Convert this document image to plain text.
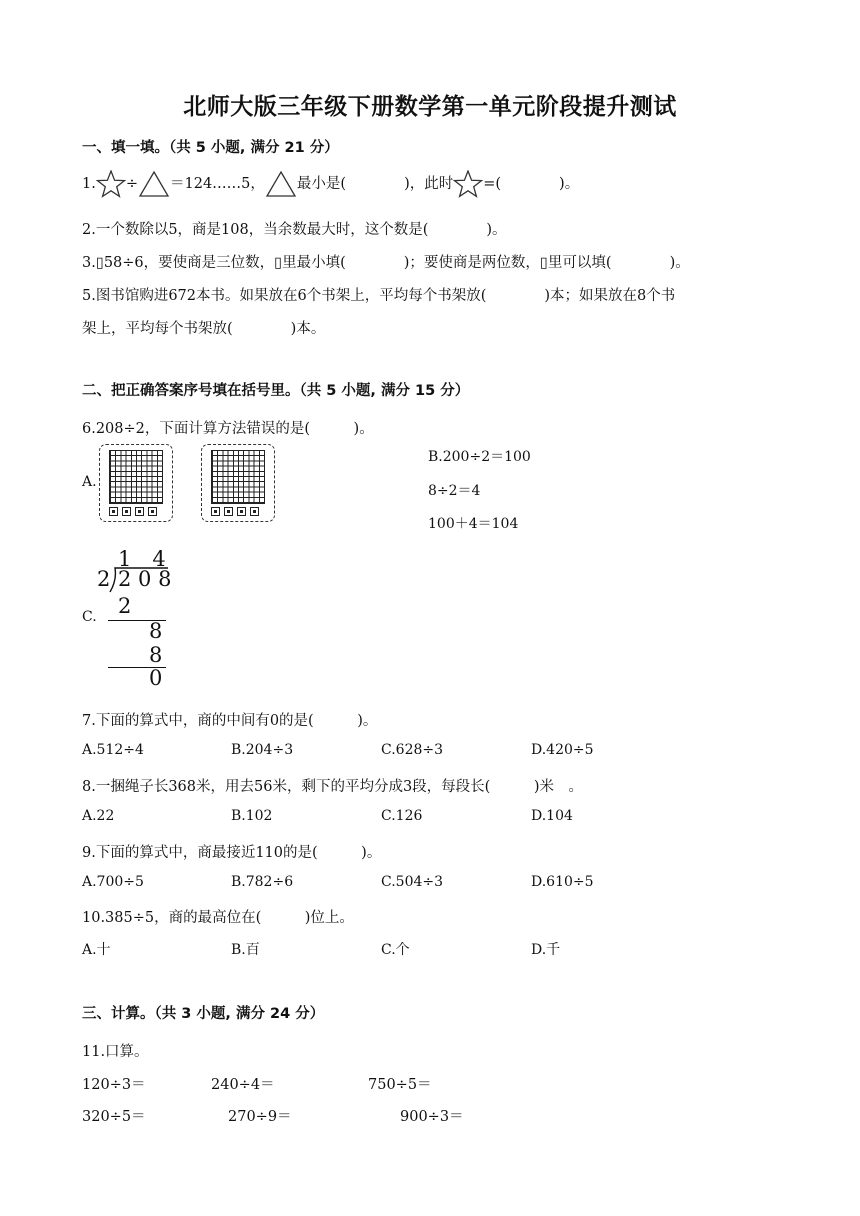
北师大版三年级下册数学第一单元阶段提升测试
一、填一填。（共 5 小题, 满分 21 分）
1. ÷ ＝124……5， 最小是(　　　　)，此时 =(　　　　)。
2.一个数除以5，商是108，当余数最大时，这个数是(　　　　)。
3.▯58÷6，要使商是三位数，▯里最小填(　　　　)；要使商是两位数，▯里可以填(　　　　)。
5.图书馆购进672本书。如果放在6个书架上，平均每个书架放(　　　　)本；如果放在8个书
架上，平均每个书架放(　　　　)本。
二、把正确答案序号填在括号里。（共 5 小题, 满分 15 分）
6.208÷2，下面计算方法错误的是(　　　)。
A.
B.200÷2＝100
8÷2＝4
100＋4＝104
C.
1　4
2 2 0 8
2
8
8
0
7.下面的算式中，商的中间有0的是(　　　)。
A.512÷4	B.204÷3	C.628÷3	D.420÷5
8.一捆绳子长368米，用去56米，剩下的平均分成3段，每段长(　　　)米　。
A.22	B.102	C.126	D.104
9.下面的算式中，商最接近110的是(　　　)。
A.700÷5	B.782÷6	C.504÷3	D.610÷5
10.385÷5，商的最高位在(　　　)位上。
A.十	B.百	C.个	D.千
三、计算。（共 3 小题, 满分 24 分）
11.口算。
120÷3＝	240÷4＝	750÷5＝
320÷5＝	270÷9＝	900÷3＝
